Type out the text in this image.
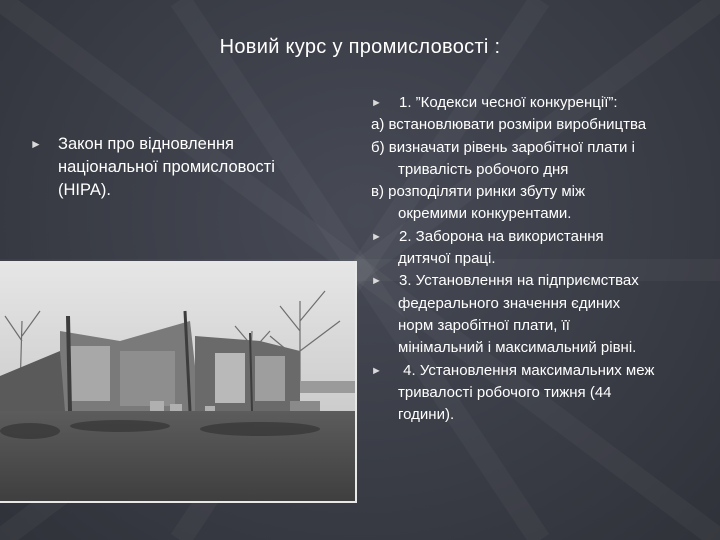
Новий курс у промисловості :
► Закон про відновлення
національної промисловості
(НІРА).
►	1. ”Кодекси чесної конкуренції”:
а) встановлювати розміри виробництва
б) визначати рівень заробітної плати і
тривалість робочого дня
в) розподіляти ринки збуту між
окремими конкурентами.
►	2. Заборона на використання
дитячої праці.
►	3. Установлення на підприємствах
федерального значення єдиних
норм заробітної плати, її
мінімальний і максимальний рівні.
►	4. Установлення максимальних меж
тривалості робочого тижня (44
години).
